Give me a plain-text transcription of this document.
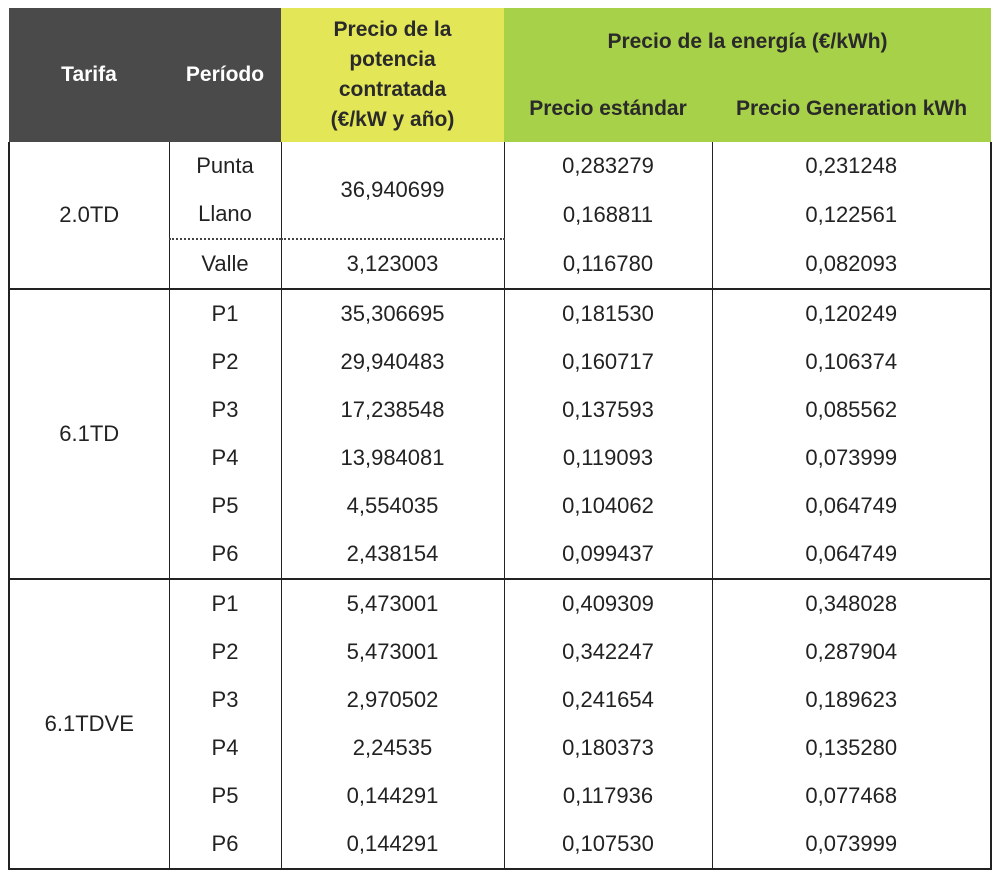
Tarifa	Período	Precio de la
potencia
contratada
(€/kW y año)	Precio de la energía (€/kWh)	
			Precio estándar	Precio Generation kWh
2.0TD	Punta	36,940699	0,283279	0,231248
	Llano		0,168811	0,122561
	Valle	3,123003	0,116780	0,082093
6.1TD	P1	35,306695	0,181530	0,120249
	P2	29,940483	0,160717	0,106374
	P3	17,238548	0,137593	0,085562
	P4	13,984081	0,119093	0,073999
	P5	4,554035	0,104062	0,064749
	P6	2,438154	0,099437	0,064749
6.1TDVE	P1	5,473001	0,409309	0,348028
	P2	5,473001	0,342247	0,287904
	P3	2,970502	0,241654	0,189623
	P4	2,24535	0,180373	0,135280
	P5	0,144291	0,117936	0,077468
	P6	0,144291	0,107530	0,073999
